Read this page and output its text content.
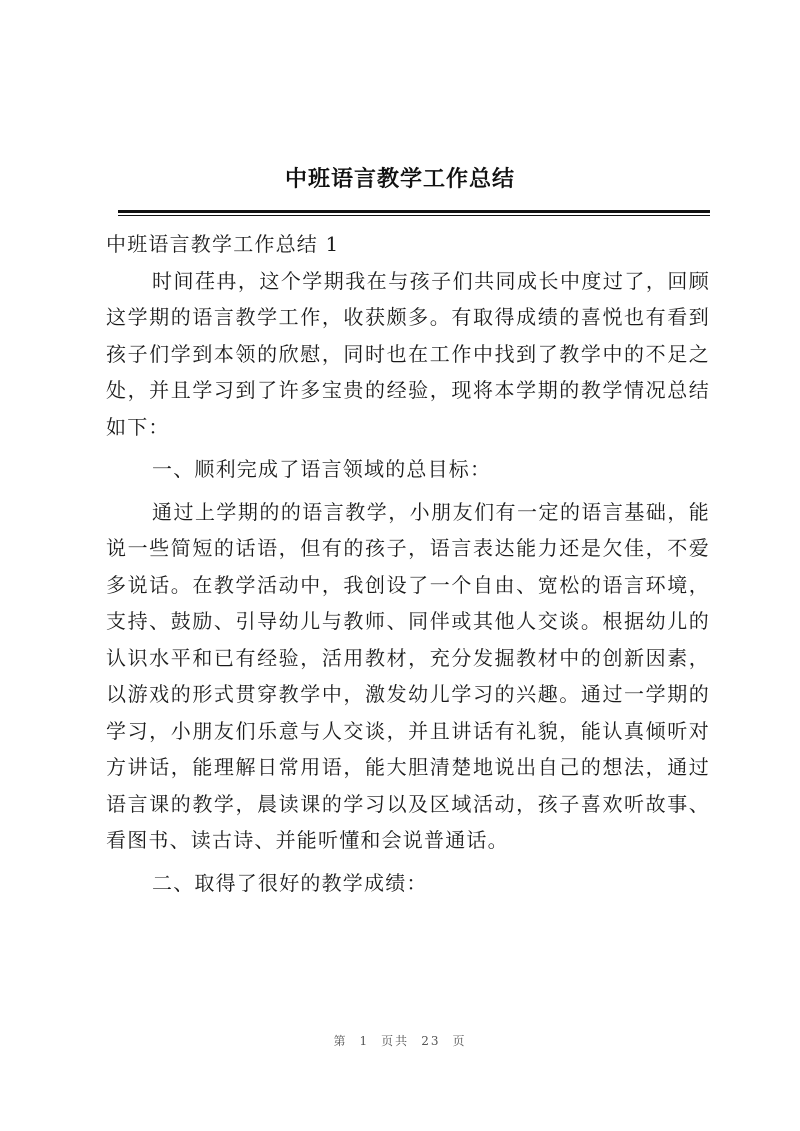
中班语言教学工作总结

中班语言教学工作总结 1

时间荏冉，这个学期我在与孩子们共同成长中度过了，回顾这学期的语言教学工作，收获颇多。有取得成绩的喜悦也有看到孩子们学到本领的欣慰，同时也在工作中找到了教学中的不足之处，并且学习到了许多宝贵的经验，现将本学期的教学情况总结如下：

一、顺利完成了语言领域的总目标：

通过上学期的的语言教学，小朋友们有一定的语言基础，能说一些简短的话语，但有的孩子，语言表达能力还是欠佳，不爱多说话。在教学活动中，我创设了一个自由、宽松的语言环境，支持、鼓励、引导幼儿与教师、同伴或其他人交谈。根据幼儿的认识水平和已有经验，活用教材，充分发掘教材中的创新因素，以游戏的形式贯穿教学中，激发幼儿学习的兴趣。通过一学期的学习，小朋友们乐意与人交谈，并且讲话有礼貌，能认真倾听对方讲话，能理解日常用语，能大胆清楚地说出自己的想法，通过语言课的教学，晨读课的学习以及区域活动，孩子喜欢听故事、看图书、读古诗、并能听懂和会说普通话。

二、取得了很好的教学成绩：

第 1 页共 23 页
